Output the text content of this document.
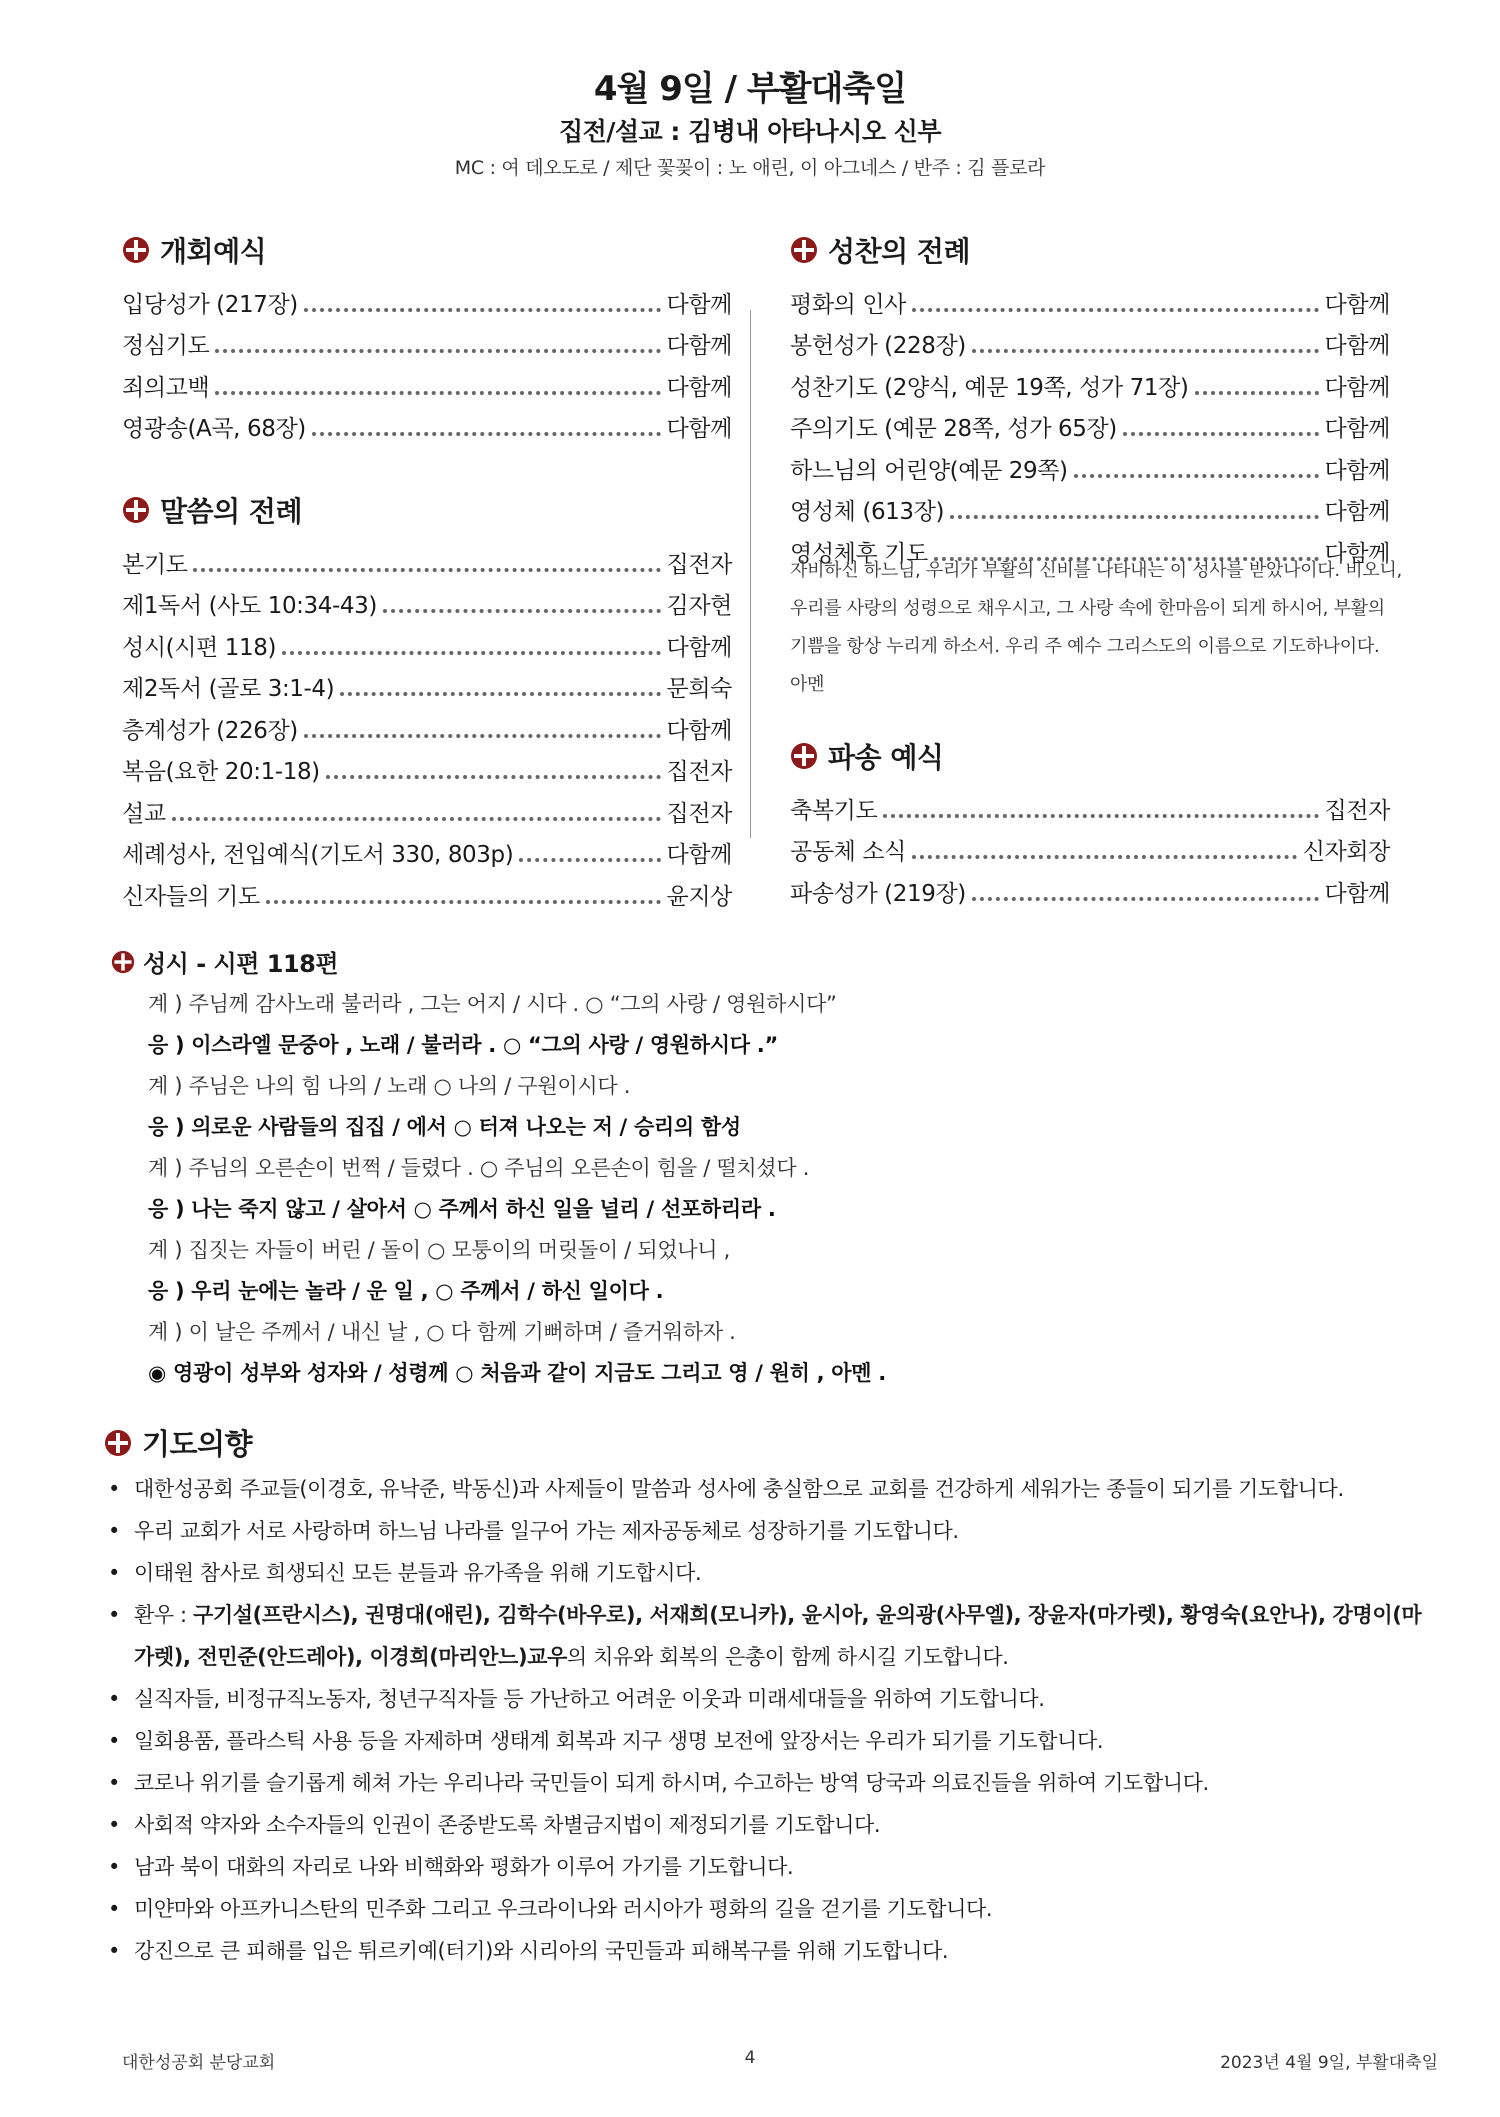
4월 9일 / 부활대축일
집전/설교 : 김병내 아타나시오 신부
MC : 여 데오도로 / 제단 꽃꽂이 : 노 애린, 이 아그네스 / 반주 : 김 플로라
개회예식
입당성가 (217장)	다함께
정심기도	다함께
죄의고백	다함께
영광송(A곡, 68장)	다함께
말씀의 전례
본기도	집전자
제1독서 (사도 10:34-43)	김자현
성시(시편 118)	다함께
제2독서 (골로 3:1-4)	문희숙
층계성가 (226장)	다함께
복음(요한 20:1-18)	집전자
설교	집전자
세례성사, 전입예식(기도서 330, 803p)	다함께
신자들의 기도	윤지상
성찬의 전례
평화의 인사	다함께
봉헌성가 (228장)	다함께
성찬기도 (2양식, 예문 19쪽, 성가 71장)	다함께
주의기도 (예문 28쪽, 성가 65장)	다함께
하느님의 어린양(예문 29쪽)	다함께
영성체 (613장)	다함께
영성체후 기도	다함께
자비하신 하느님, 우리가 부활의 신비를 나타내는 이 성사를 받았나이다. 비오니,
우리를 사랑의 성령으로 채우시고, 그 사랑 속에 한마음이 되게 하시어, 부활의
기쁨을 항상 누리게 하소서. 우리 주 예수 그리스도의 이름으로 기도하나이다.
아멘
파송 예식
축복기도	집전자
공동체 소식	신자회장
파송성가 (219장)	다함께
성시 - 시편 118편
계 ) 주님께 감사노래 불러라 , 그는 어지 / 시다 . ○ “그의 사랑 / 영원하시다”
응 ) 이스라엘 문중아 , 노래 / 불러라 . ○ “그의 사랑 / 영원하시다 .”
계 ) 주님은 나의 힘 나의 / 노래 ○ 나의 / 구원이시다 .
응 ) 의로운 사람들의 집집 / 에서 ○ 터져 나오는 저 / 승리의 함성
계 ) 주님의 오른손이 번쩍 / 들렸다 . ○ 주님의 오른손이 힘을 / 떨치셨다 .
응 ) 나는 죽지 않고 / 살아서 ○ 주께서 하신 일을 널리 / 선포하리라 .
계 ) 집짓는 자들이 버린 / 돌이 ○ 모퉁이의 머릿돌이 / 되었나니 ,
응 ) 우리 눈에는 놀라 / 운 일 , ○ 주께서 / 하신 일이다 .
계 ) 이 날은 주께서 / 내신 날 , ○ 다 함께 기뻐하며 / 즐거워하자 .
◉ 영광이 성부와 성자와 / 성령께 ○ 처음과 같이 지금도 그리고 영 / 원히 , 아멘 .
기도의향
• 대한성공회 주교들(이경호, 유낙준, 박동신)과 사제들이 말씀과 성사에 충실함으로 교회를 건강하게 세워가는 종들이 되기를 기도합니다.
• 우리 교회가 서로 사랑하며 하느님 나라를 일구어 가는 제자공동체로 성장하기를 기도합니다.
• 이태원 참사로 희생되신 모든 분들과 유가족을 위해 기도합시다.
• 환우 : 구기설(프란시스), 권명대(애린), 김학수(바우로), 서재희(모니카), 윤시아, 윤의광(사무엘), 장윤자(마가렛), 황영숙(요안나), 강명이(마가렛), 전민준(안드레아), 이경희(마리안느)교우의 치유와 회복의 은총이 함께 하시길 기도합니다.
• 실직자들, 비정규직노동자, 청년구직자들 등 가난하고 어려운 이웃과 미래세대들을 위하여 기도합니다.
• 일회용품, 플라스틱 사용 등을 자제하며 생태계 회복과 지구 생명 보전에 앞장서는 우리가 되기를 기도합니다.
• 코로나 위기를 슬기롭게 헤쳐 가는 우리나라 국민들이 되게 하시며, 수고하는 방역 당국과 의료진들을 위하여 기도합니다.
• 사회적 약자와 소수자들의 인권이 존중받도록 차별금지법이 제정되기를 기도합니다.
• 남과 북이 대화의 자리로 나와 비핵화와 평화가 이루어 가기를 기도합니다.
• 미얀마와 아프카니스탄의 민주화 그리고 우크라이나와 러시아가 평화의 길을 걷기를 기도합니다.
• 강진으로 큰 피해를 입은 튀르키예(터기)와 시리아의 국민들과 피해복구를 위해 기도합니다.
대한성공회 분당교회	4	2023년 4월 9일, 부활대축일
